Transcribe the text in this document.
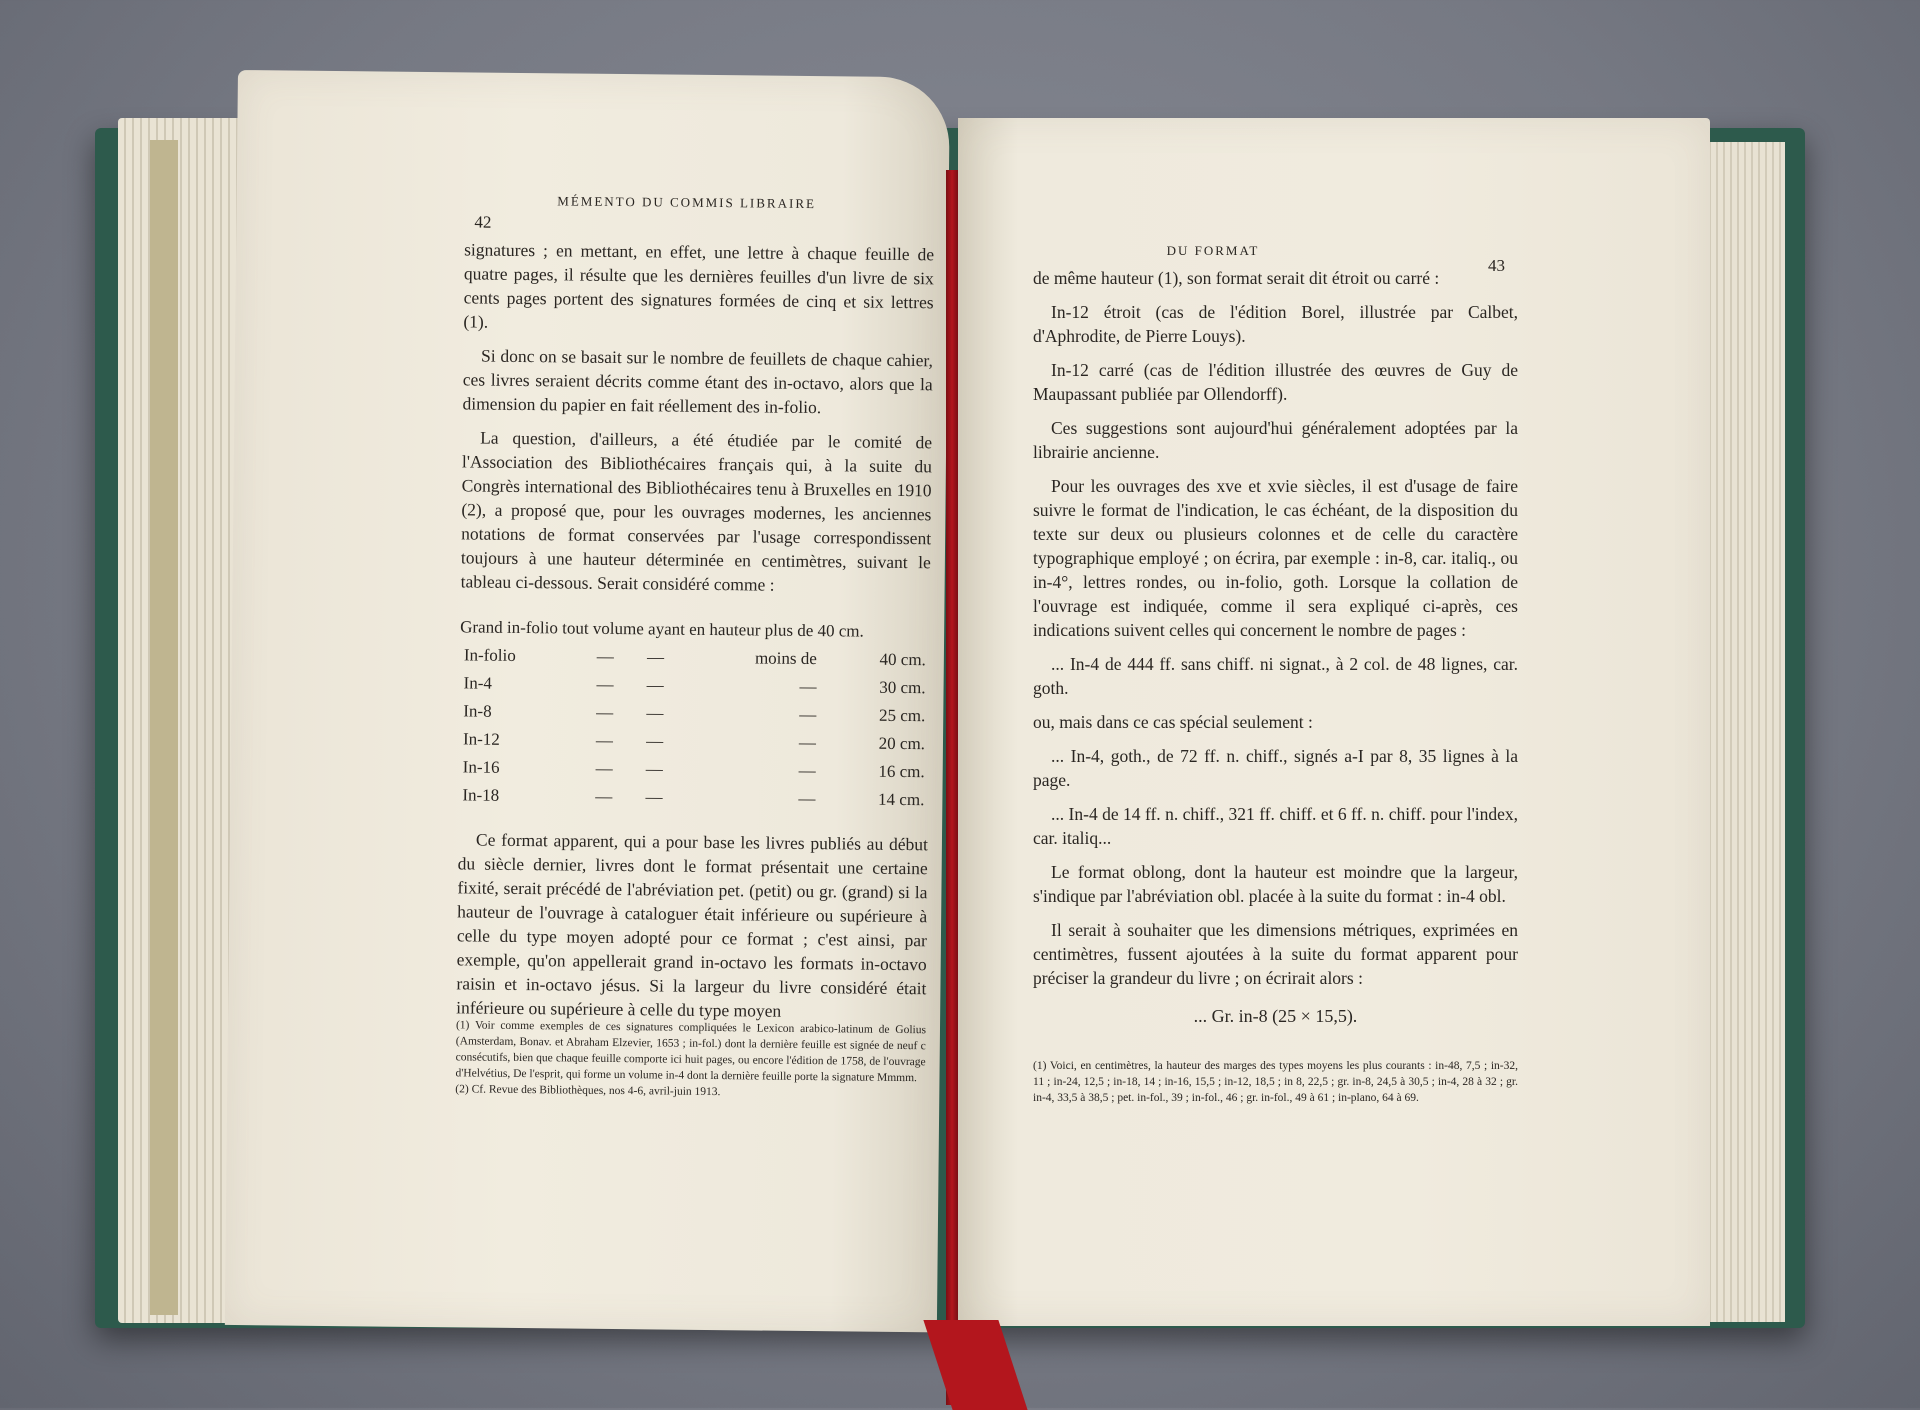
42
MÉMENTO DU COMMIS LIBRAIRE

signatures ; en mettant, en effet, une lettre à chaque feuille de quatre pages, il résulte que les dernières feuilles d'un livre de six cents pages portent des signatures formées de cinq et six lettres (1).

Si donc on se basait sur le nombre de feuillets de chaque cahier, ces livres seraient décrits comme étant des in-octavo, alors que la dimension du papier en fait réellement des in-folio.

La question, d'ailleurs, a été étudiée par le comité de l'Association des Bibliothécaires français qui, à la suite du Congrès international des Bibliothécaires tenu à Bruxelles en 1910 (2), a proposé que, pour les ouvrages modernes, les anciennes notations de format conservées par l'usage correspondissent toujours à une hauteur déterminée en centimètres, suivant le tableau ci-dessous. Serait considéré comme :

Grand in-folio tout volume ayant en hauteur plus de 40 cm.
In-folio	—	—	moins de	40 cm.
In-4	—	—	—	30 cm.
In-8	—	—	—	25 cm.
In-12	—	—	—	20 cm.
In-16	—	—	—	16 cm.
In-18	—	—	—	14 cm.

Ce format apparent, qui a pour base les livres publiés au début du siècle dernier, livres dont le format présentait une certaine fixité, serait précédé de l'abréviation pet. (petit) ou gr. (grand) si la hauteur de l'ouvrage à cataloguer était inférieure ou supérieure à celle du type moyen adopté pour ce format ; c'est ainsi, par exemple, qu'on appellerait grand in-octavo les formats in-octavo raisin et in-octavo jésus. Si la largeur du livre considéré était inférieure ou supérieure à celle du type moyen

(1) Voir comme exemples de ces signatures compliquées le Lexicon arabico-latinum de Golius (Amsterdam, Bonav. et Abraham Elzevier, 1653 ; in-fol.) dont la dernière feuille est signée de neuf c consécutifs, bien que chaque feuille comporte ici huit pages, ou encore l'édition de 1758, de l'ouvrage d'Helvétius, De l'esprit, qui forme un volume in-4 dont la dernière feuille porte la signature Mmmm.

(2) Cf. Revue des Bibliothèques, nos 4-6, avril-juin 1913.

DU FORMAT
43

de même hauteur (1), son format serait dit étroit ou carré :

In-12 étroit (cas de l'édition Borel, illustrée par Calbet, d'Aphrodite, de Pierre Louys).

In-12 carré (cas de l'édition illustrée des œuvres de Guy de Maupassant publiée par Ollendorff).

Ces suggestions sont aujourd'hui généralement adoptées par la librairie ancienne.

Pour les ouvrages des xve et xvie siècles, il est d'usage de faire suivre le format de l'indication, le cas échéant, de la disposition du texte sur deux ou plusieurs colonnes et de celle du caractère typographique employé ; on écrira, par exemple : in-8, car. italiq., ou in-4°, lettres rondes, ou in-folio, goth. Lorsque la collation de l'ouvrage est indiquée, comme il sera expliqué ci-après, ces indications suivent celles qui concernent le nombre de pages :

... In-4 de 444 ff. sans chiff. ni signat., à 2 col. de 48 lignes, car. goth.

ou, mais dans ce cas spécial seulement :

... In-4, goth., de 72 ff. n. chiff., signés a-I par 8, 35 lignes à la page.

... In-4 de 14 ff. n. chiff., 321 ff. chiff. et 6 ff. n. chiff. pour l'index, car. italiq...

Le format oblong, dont la hauteur est moindre que la largeur, s'indique par l'abréviation obl. placée à la suite du format : in-4 obl.

Il serait à souhaiter que les dimensions métriques, exprimées en centimètres, fussent ajoutées à la suite du format apparent pour préciser la grandeur du livre ; on écrirait alors :

... Gr. in-8 (25 × 15,5).

(1) Voici, en centimètres, la hauteur des marges des types moyens les plus courants : in-48, 7,5 ; in-32, 11 ; in-24, 12,5 ; in-18, 14 ; in-16, 15,5 ; in-12, 18,5 ; in 8, 22,5 ; gr. in-8, 24,5 à 30,5 ; in-4, 28 à 32 ; gr. in-4, 33,5 à 38,5 ; pet. in-fol., 39 ; in-fol., 46 ; gr. in-fol., 49 à 61 ; in-plano, 64 à 69.
